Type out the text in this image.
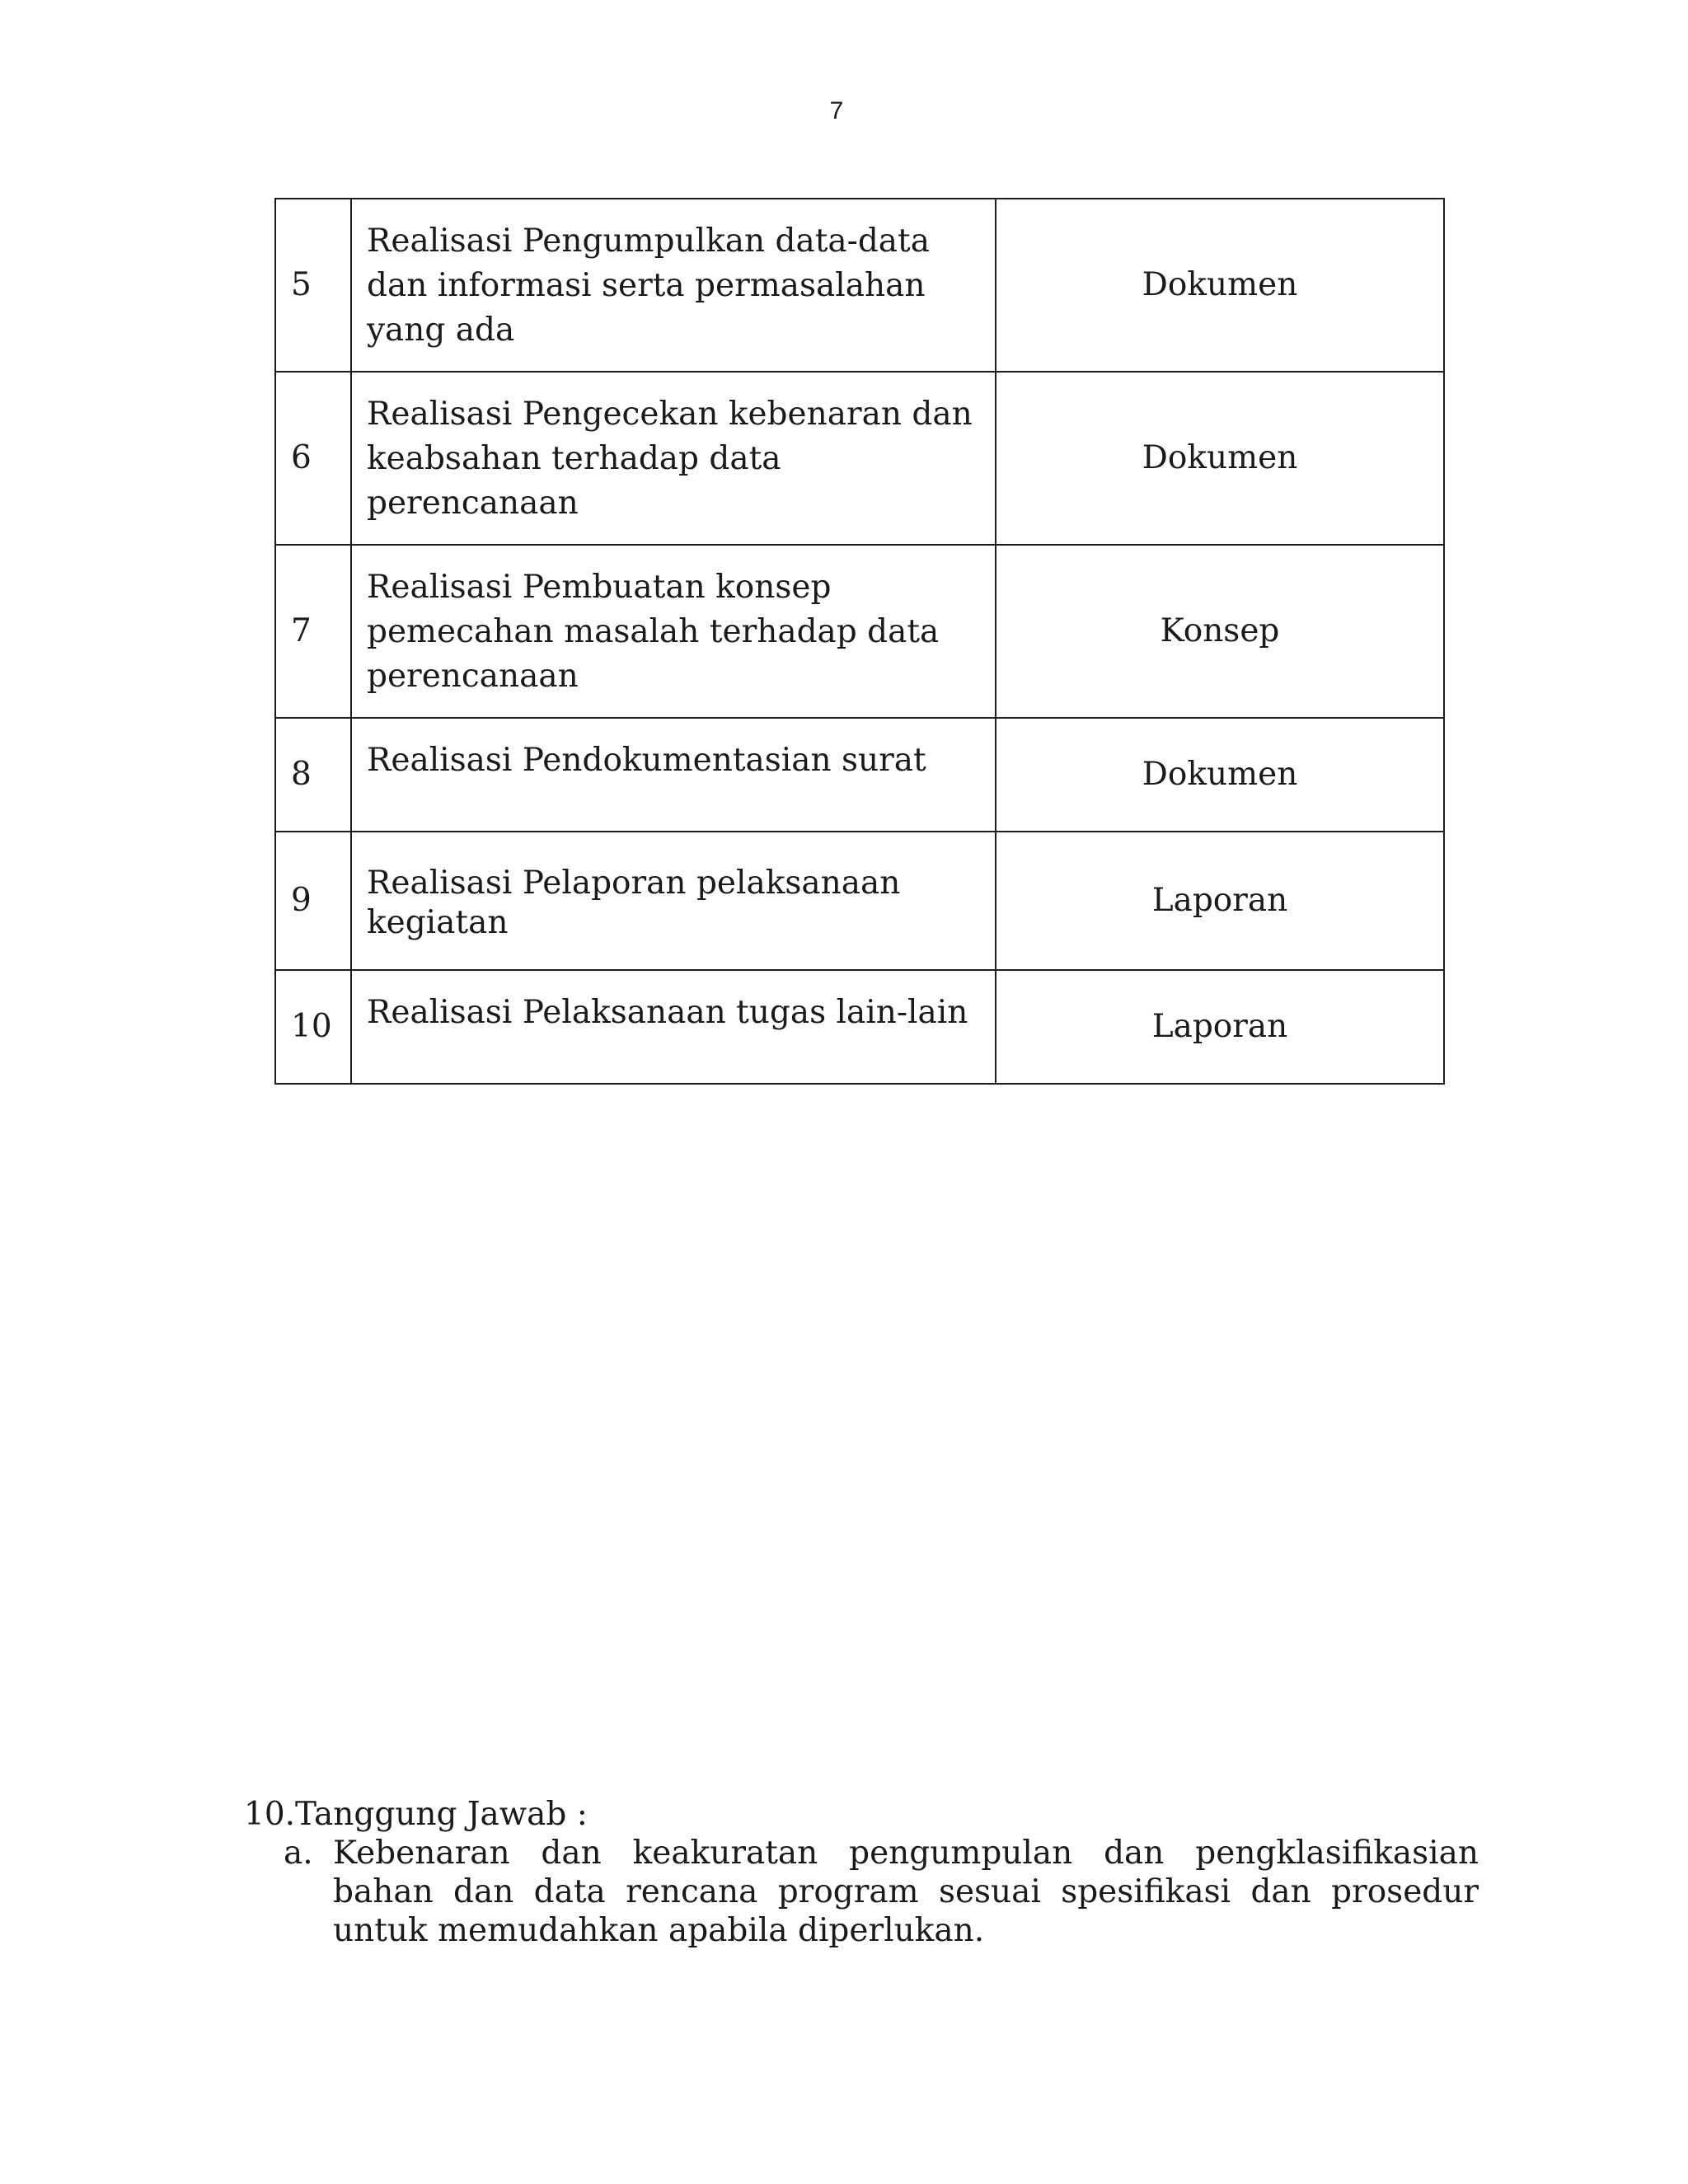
7
5	Realisasi Pengumpulkan data-data dan informasi serta permasalahan yang ada	Dokumen
6	Realisasi Pengecekan kebenaran dan keabsahan terhadap data perencanaan	Dokumen
7	Realisasi Pembuatan konsep pemecahan masalah terhadap data perencanaan	Konsep
8	Realisasi Pendokumentasian surat	Dokumen
9	Realisasi Pelaporan pelaksanaan kegiatan	Laporan
10	Realisasi Pelaksanaan tugas lain-lain	Laporan
10. Tanggung Jawab :
a. Kebenaran dan keakuratan pengumpulan dan pengklasifikasian bahan dan data rencana program sesuai spesifikasi dan prosedur untuk memudahkan apabila diperlukan.
